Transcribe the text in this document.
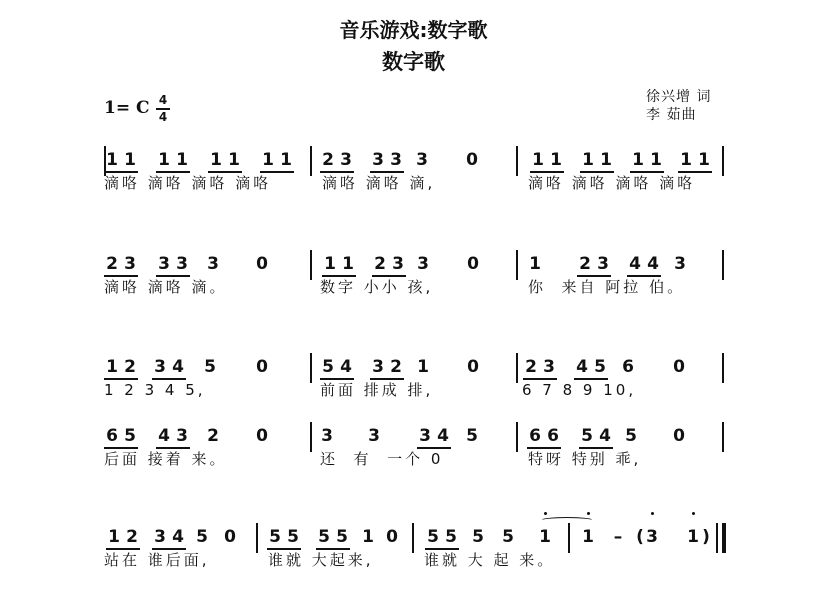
音乐游戏:数字歌
数字歌
1= C 4
4
徐兴增 词
李 茹曲
1 1 1 1 1 1 1 1 2 3 3 3 3 0	1 1 1 1 1 1 1 1
2 3 3 3 3 0	1 1 2 3 3 0	1 2 3 4 4 3
1 2 3 4 5 0	5 4 3 2 1 0	2 3 4 5 6 0
6 5 4 3 2 0	3 3 3 4 5	6 6 5 4 5 0
1 2 3 4 5 0 5 5 5 5 1 0 5 5 5 5 1 1	3 1
– (	)
滴咯 滴咯 滴咯 滴咯	滴咯 滴咯 滴,	滴咯 滴咯 滴咯 滴咯
滴咯 滴咯 滴。	数字 小小 孩,	你  来自 阿拉 伯。
1 2 3 4 5,	前面 排成 排,	6 7 8 9 10,
后面 接着 来。	还  有  一个 0	特呀 特别 乖,
站在 谁后面,	谁就 大起来,	谁就 大 起 来。
